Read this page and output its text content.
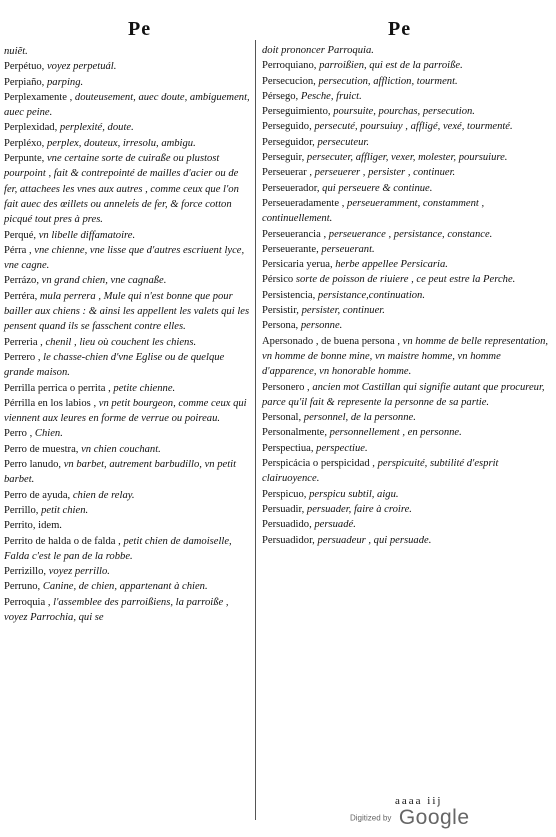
Pe	Pe
nuiẽt.
Perpétuo, voyez perpetuál.
Perpiaño, parping.
Perplexamente , douteusement, auec doute, ambiguement, auec peine.
Perplexidad, perplexité, doute.
Perpléxo, perplex, douteux, irresolu, ambigu.
Perpunte, vne certaine sorte de cuiraße ou plustost pourpoint , fait & contrepointé de mailles d'acier ou de fer, attachees les vnes aux autres , comme ceux que l'on fait auec des œillets ou anneleṫs de fer, & force cotton picqué tout pres à pres.
Perqué, vn libelle diffamatoire.
Pérra , vne chienne, vne lisse que d'autres escriuent lyce, vne cagne.
Perrázo, vn grand chien, vne cagnaße.
Perréra, mula perrera , Mule qui n'est bonne que pour bailler aux chiens : & ainsi les appellent les valets qui les pensent quand ils se fasschent contre elles.
Perreria , chenil , lieu où couchent les chiens.
Perrero , le chasse-chien d'vne Eglise ou de quelque grande maison.
Perrilla perrica o perrita , petite chienne.
Pérrilla en los labios , vn petit bourgeon, comme ceux qui viennent aux leures en forme de verrue ou poireau.
Perro , Chien.
Perro de muestra, vn chien couchant.
Perro lanudo, vn barbet, autrement barbudillo, vn petit barbet.
Perro de ayuda, chien de relay.
Perrillo, petit chien.
Perrito, idem.
Perrito de halda o de falda , petit chien de damoiselle, Falda c'est le pan de la robbe.
Perrizillo, voyez perrillo.
Perruno, Canine, de chien, appartenant à chien.
Perroquia , l'assemblee des parroißiens, la parroiße , voyez Parrochia, qui se
doit prononcer Parroquia.
Perroquiano, parroißien, qui est de la parroiße.
Persecucion, persecution, affliction, tourment.
Pérsego, Pesche, fruict.
Perseguimiento, poursuite, pourchas, persecution.
Perseguido, persecuté, poursuiuy , affligé, vexé, tourmenté.
Perseguidor, persecuteur.
Perseguir, persecuter, affliger, vexer, molester, poursuiure.
Perseuerar , perseuerer , persister , continuer.
Perseuerador, qui perseuere & continue.
Perseueradamente , perseueramment, constamment , continuellement.
Perseuerancia , perseuerance , persistance, constance.
Perseuerante, perseuerant.
Persicaria yerua, herbe appellee Persicaria.
Pérsico sorte de poisson de riuiere , ce peut estre la Perche.
Persistencia, persistance,continuation.
Persistir, persister, continuer.
Persona, personne.
Apersonado , de buena persona , vn homme de belle representation, vn homme de bonne mine, vn maistre homme, vn homme d'apparence, vn honorable homme.
Personero , ancien mot Castillan qui signifie autant que procureur, parce qu'il fait & represente la personne de sa partie.
Personal, personnel, de la personne.
Personalmente, personnellement , en personne.
Perspectiua, perspectiue.
Perspicácia o perspicidad , perspicuité, subtilité d'esprit clairuoyence.
Perspicuo, perspicu subtil, aigu.
Persuadir, persuader, faire à croire.
Persuadido, persuadé.
Persuadidor, persuadeur , qui persuade.
aaaa iij
Digitized by Google
